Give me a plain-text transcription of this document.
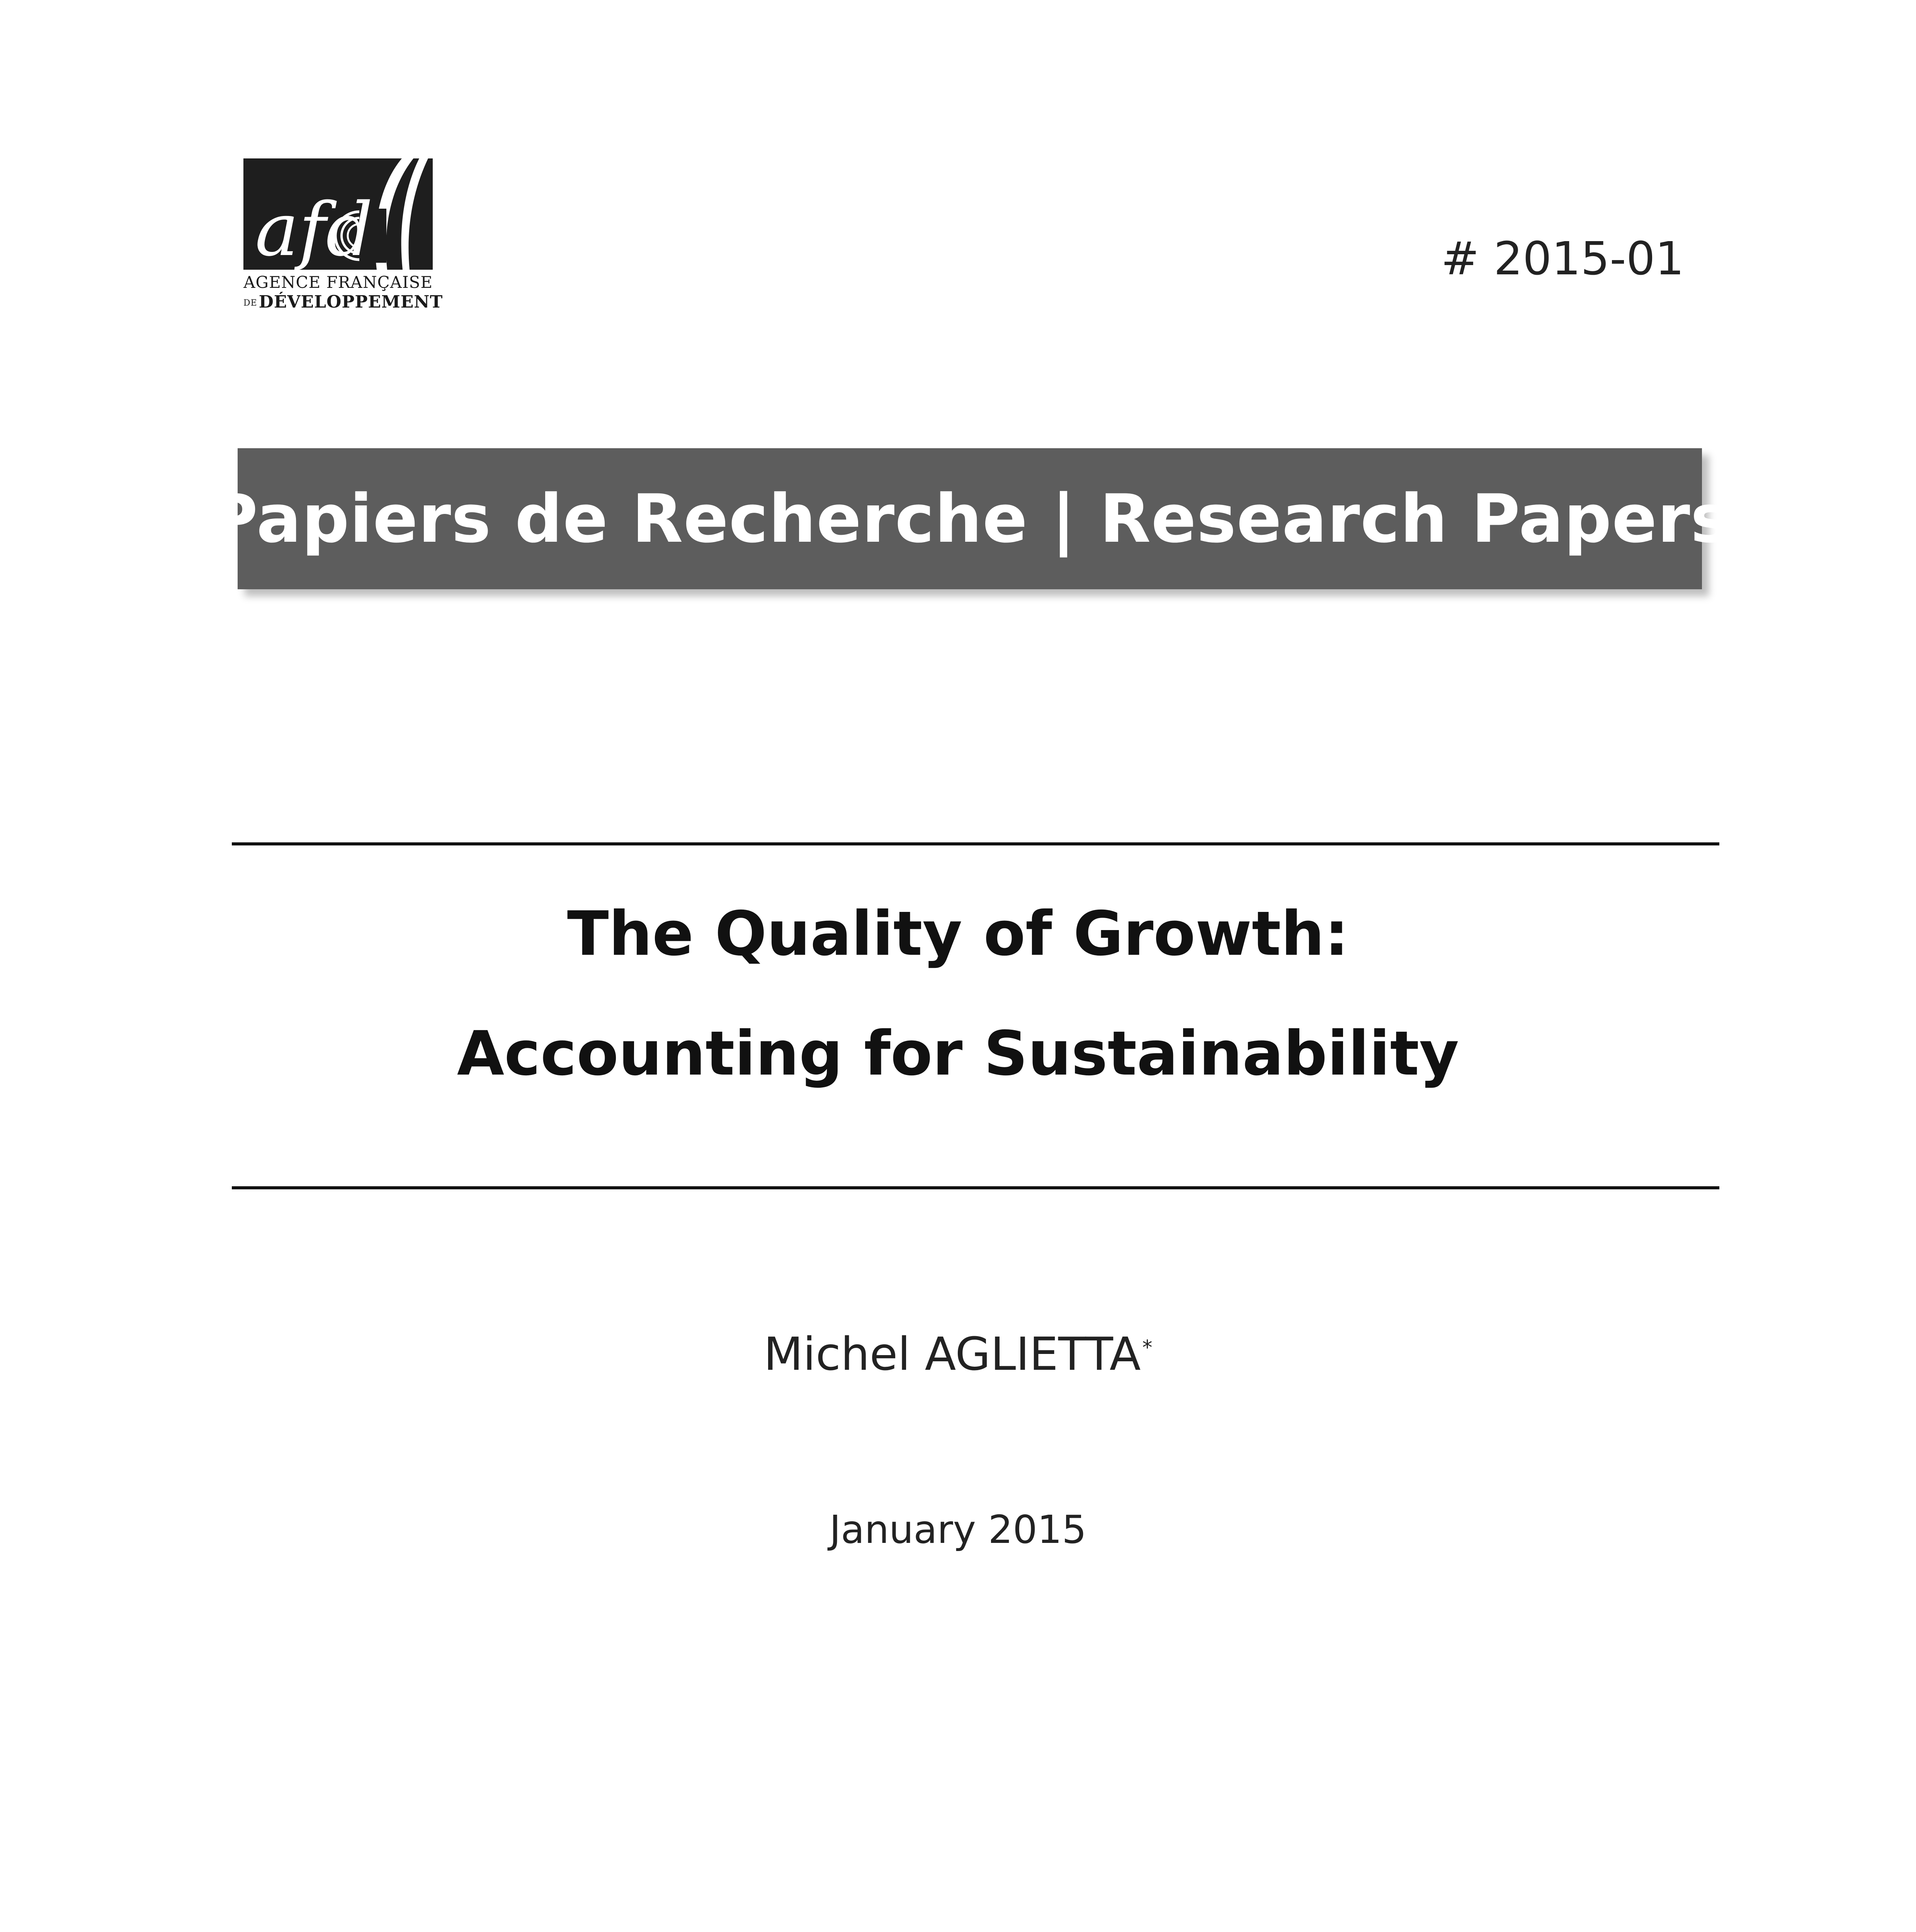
afd
AGENCE FRANÇAISE
DEDÉVELOPPEMENT
# 2015-01
Papiers de Recherche | Research Papers
The Quality of Growth:
Accounting for Sustainability
Michel AGLIETTA*
January 2015
